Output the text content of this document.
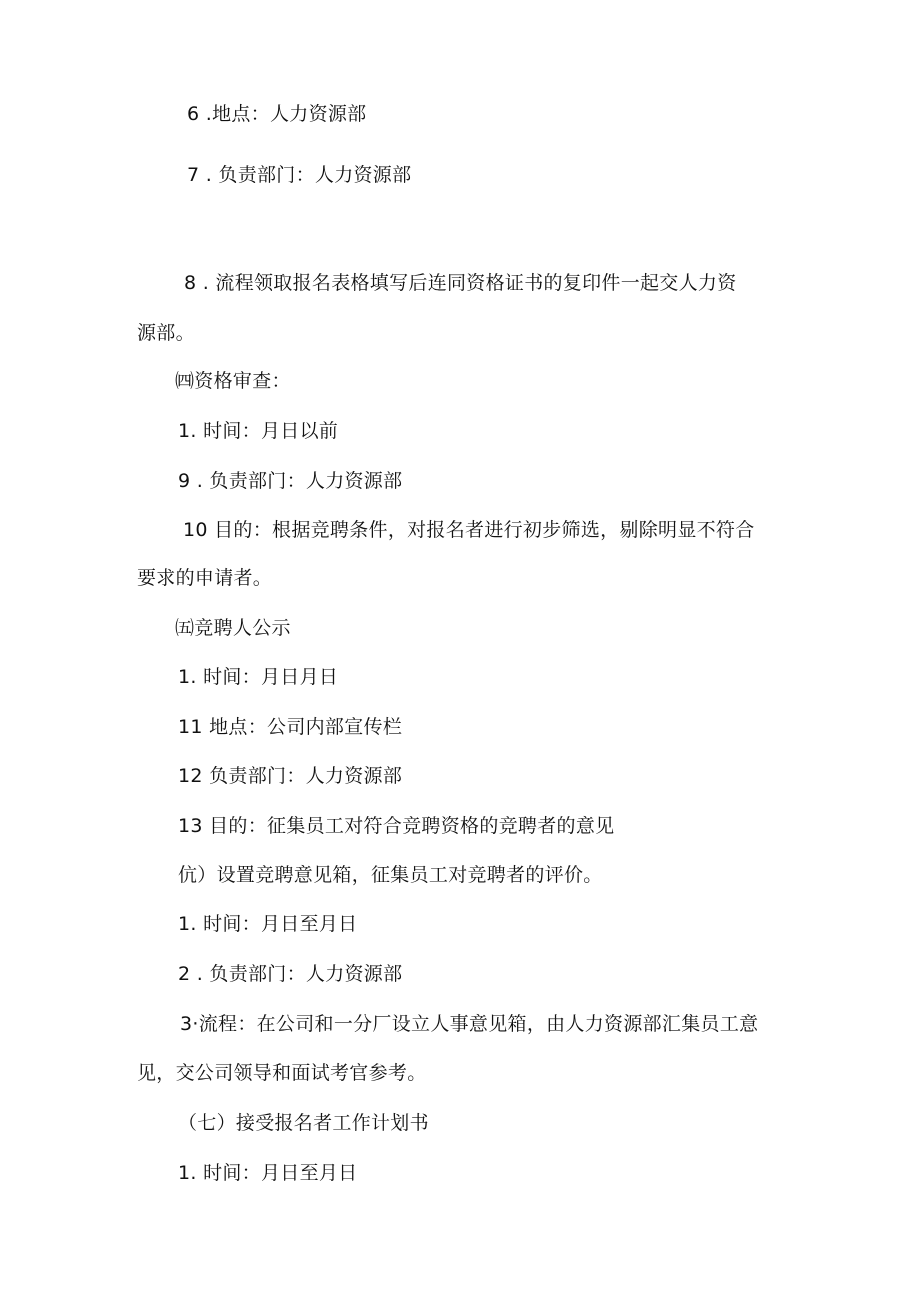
6 .地点：人力资源部
7 . 负责部门：人力资源部
8 . 流程领取报名表格填写后连同资格证书的复印件一起交人力资
源部。
㈣资格审查：
1. 时间：月日以前
9 . 负责部门：人力资源部
10 目的：根据竞聘条件，对报名者进行初步筛选，剔除明显不符合
要求的申请者。
㈤竞聘人公示
1. 时间：月日月日
11 地点：公司内部宣传栏
12 负责部门：人力资源部
13 目的：征集员工对符合竞聘资格的竞聘者的意见
伉）设置竞聘意见箱，征集员工对竞聘者的评价。
1. 时间：月日至月日
2 . 负责部门：人力资源部
3·流程：在公司和一分厂设立人事意见箱，由人力资源部汇集员工意
见，交公司领导和面试考官参考。
（七）接受报名者工作计划书
1. 时间：月日至月日
